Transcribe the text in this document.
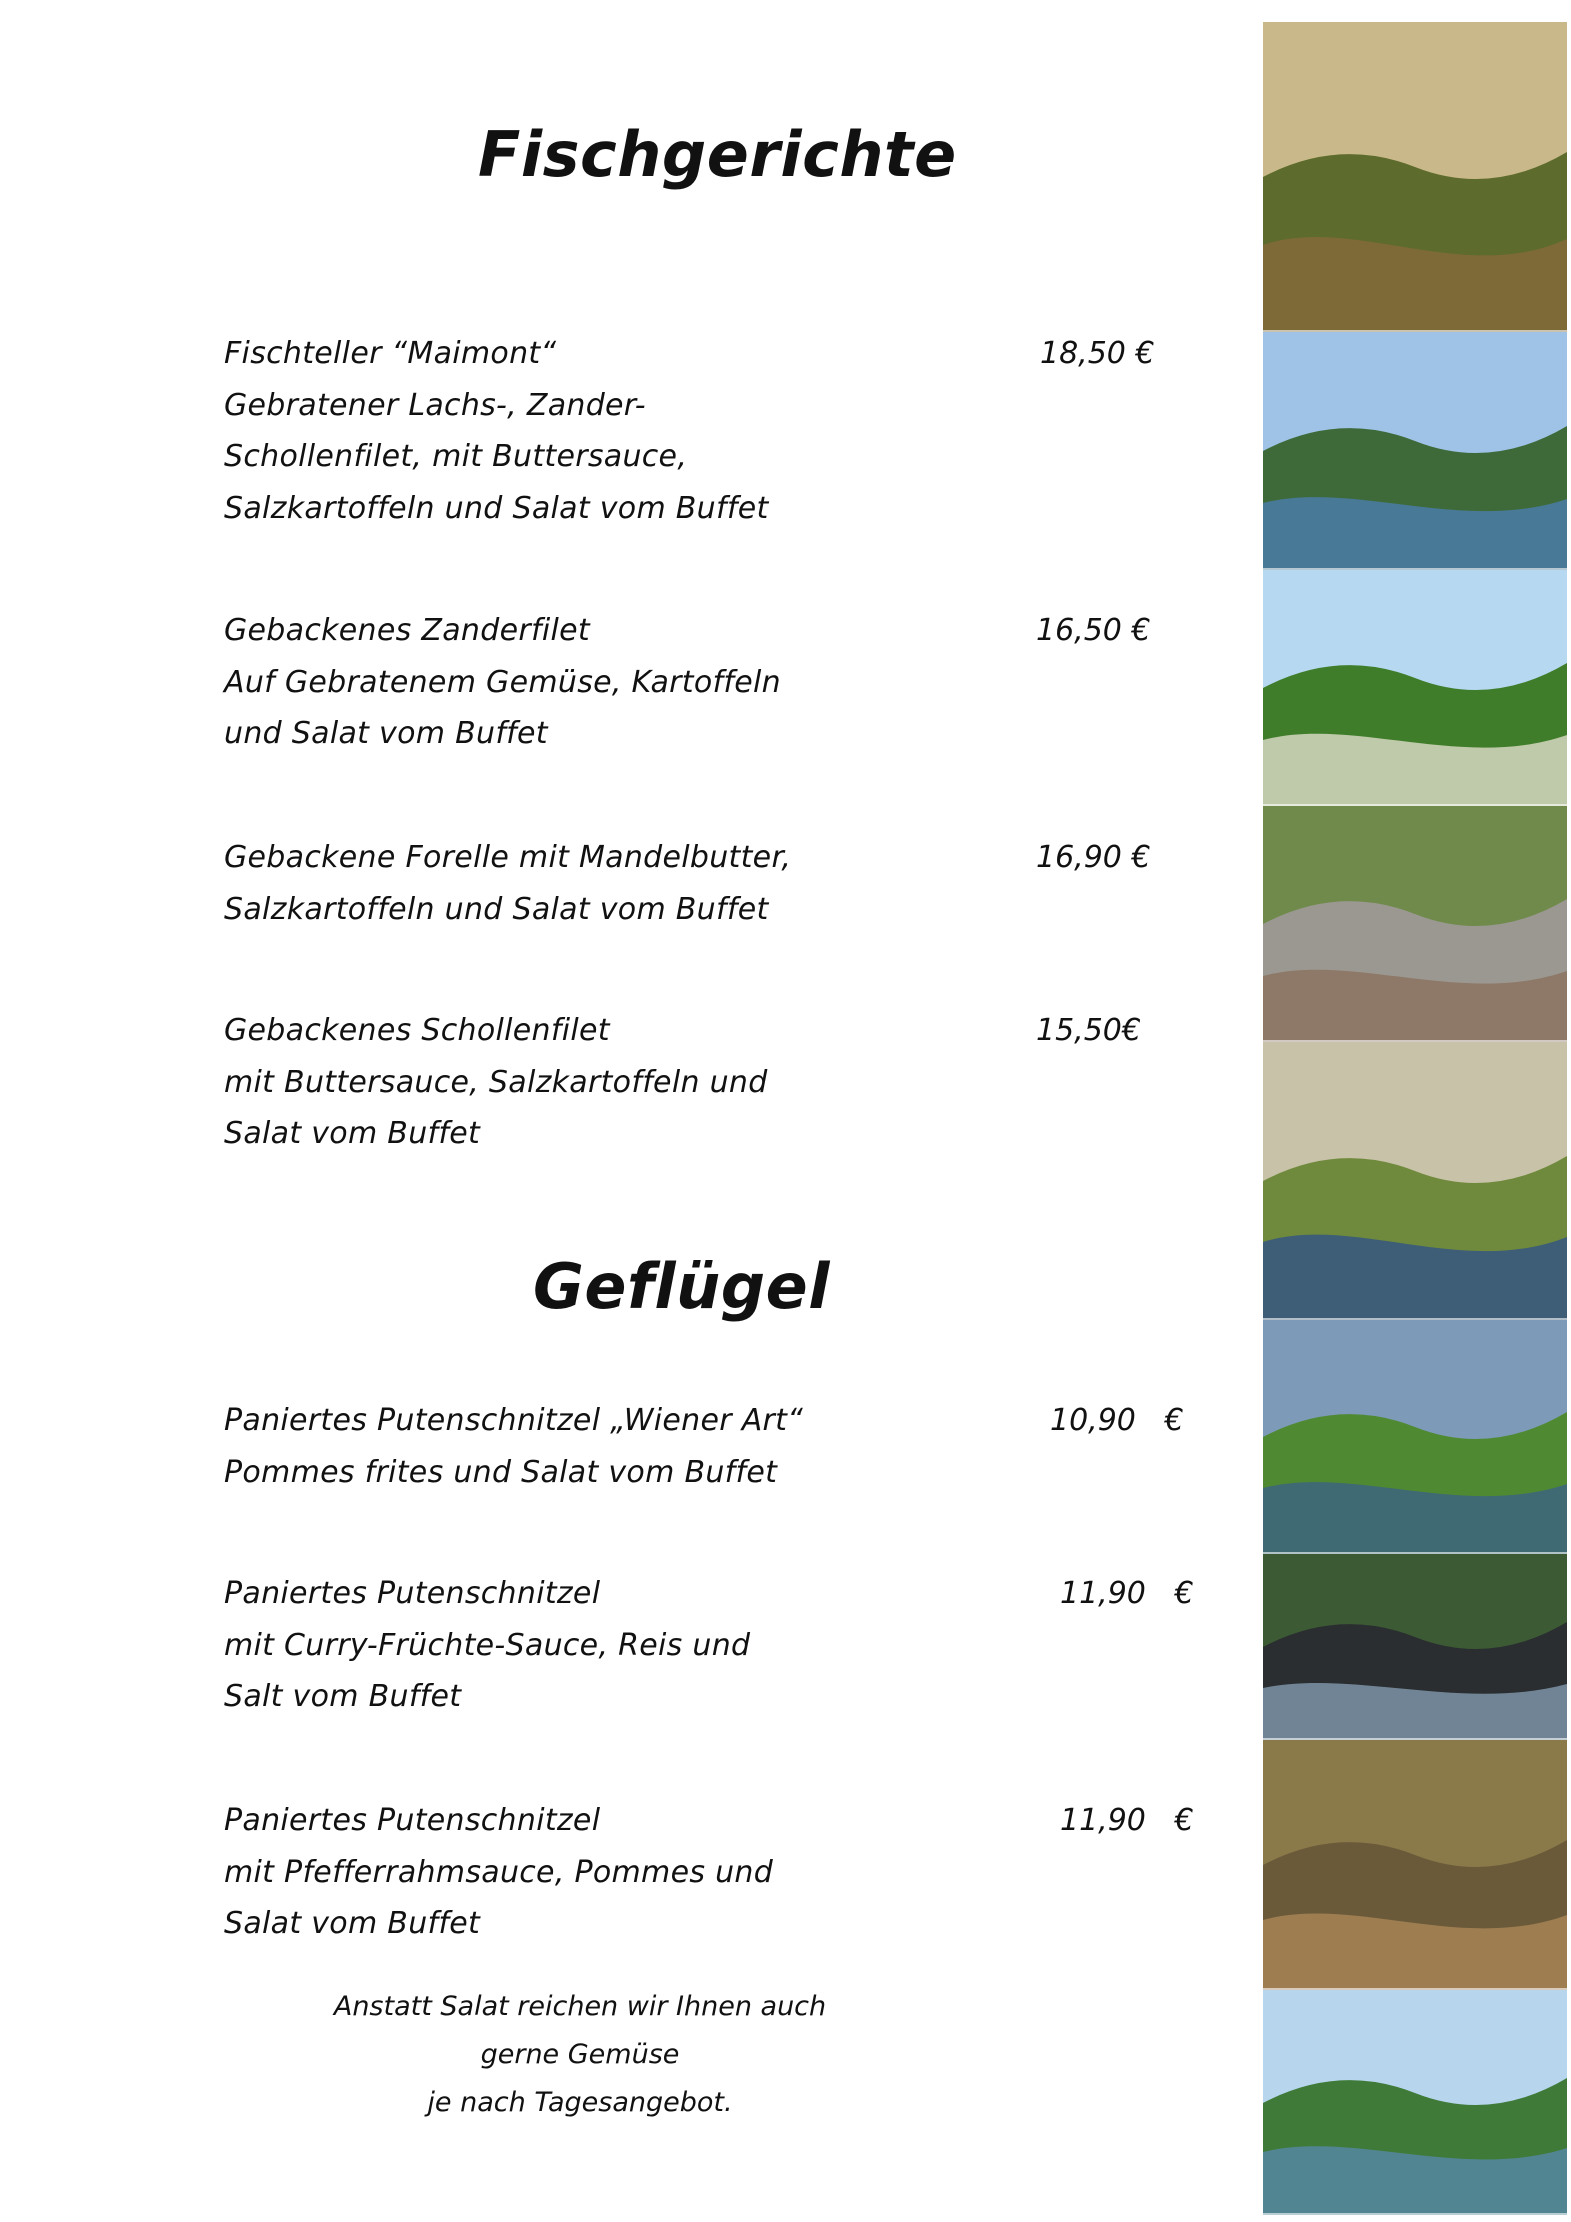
Fischgerichte
Fischteller “Maimont“
Gebratener Lachs-, Zander-
Schollenfilet, mit Buttersauce,
Salzkartoffeln und Salat vom Buffet
18,50 €
Gebackenes Zanderfilet
Auf Gebratenem Gemüse, Kartoffeln
und Salat vom Buffet
16,50 €
Gebackene Forelle mit Mandelbutter,
Salzkartoffeln und Salat vom Buffet
16,90 €
Gebackenes Schollenfilet
mit Buttersauce, Salzkartoffeln und
Salat vom Buffet
15,50€
Geflügel
Paniertes Putenschnitzel „Wiener Art“
Pommes frites und Salat vom Buffet
10,90   €
Paniertes Putenschnitzel
mit Curry-Früchte-Sauce, Reis und
Salt vom Buffet
11,90   €
Paniertes Putenschnitzel
mit Pfefferrahmsauce, Pommes und
Salat vom Buffet
11,90   €
Anstatt Salat reichen wir Ihnen auch gerne Gemüse
je nach Tagesangebot.
